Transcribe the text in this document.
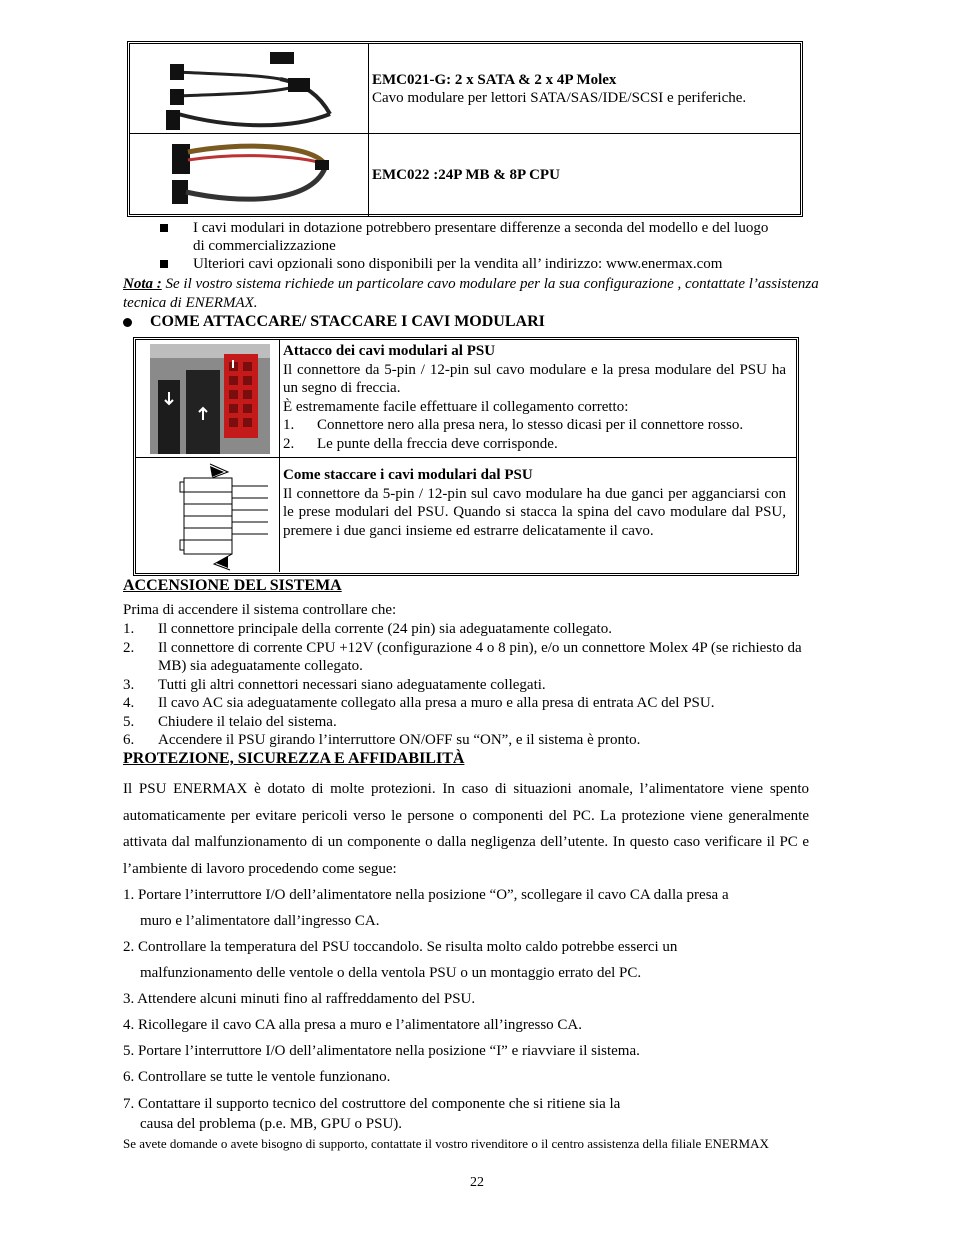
EMC021-G: 2 x SATA & 2 x 4P Molex
Cavo modulare per lettori SATA/SAS/IDE/SCSI e periferiche.
EMC022 :24P MB & 8P CPU
I cavi modulari in dotazione potrebbero presentare differenze a seconda del modello e del luogo di commercializzazione
Ulteriori cavi opzionali sono disponibili per la vendita all’ indirizzo: www.enermax.com
Nota : Se il vostro sistema richiede un particolare cavo modulare per la sua configurazione , contattate l’assistenza tecnica di ENERMAX.
COME ATTACCARE/ STACCARE I CAVI MODULARI
Attacco dei cavi modulari al PSU
Il connettore da 5-pin / 12-pin sul cavo modulare e la presa modulare del PSU ha un segno di freccia.
È estremamente facile effettuare il collegamento corretto:
1. Connettore nero alla presa nera, lo stesso dicasi per il connettore rosso.
2. Le punte della freccia deve corrisponde.
Come staccare i cavi modulari dal PSU
Il connettore da 5-pin / 12-pin sul cavo modulare ha due ganci per agganciarsi con le prese modulari del PSU. Quando si stacca la spina del cavo modulare dal PSU, premere i due ganci insieme ed estrarre delicatamente il cavo.
ACCENSIONE DEL SISTEMA
Prima di accendere il sistema controllare che:
1. Il connettore principale della corrente (24 pin) sia adeguatamente collegato.
2. Il connettore di corrente CPU +12V (configurazione 4 o 8 pin), e/o un connettore Molex 4P (se richiesto da MB) sia adeguatamente collegato.
3. Tutti gli altri connettori necessari siano adeguatamente collegati.
4. Il cavo AC sia adeguatamente collegato alla presa a muro e alla presa di entrata AC del PSU.
5. Chiudere il telaio del sistema.
6. Accendere il PSU girando l’interruttore ON/OFF su “ON”, e il sistema è pronto.
PROTEZIONE, SICUREZZA E AFFIDABILITÀ
Il PSU ENERMAX è dotato di molte protezioni. In caso di situazioni anomale, l’alimentatore viene spento automaticamente per evitare pericoli verso le persone o componenti del PC. La protezione viene generalmente attivata dal malfunzionamento di un componente o dalla negligenza dell’utente. In questo caso verificare il PC e l’ambiente di lavoro procedendo come segue:
1. Portare l’interruttore I/O dell’alimentatore nella posizione “O”, scollegare il cavo CA dalla presa a
muro e l’alimentatore dall’ingresso CA.
2. Controllare la temperatura del PSU toccandolo. Se risulta molto caldo potrebbe esserci un
malfunzionamento delle ventole o della ventola PSU o un montaggio errato del PC.
3. Attendere alcuni minuti fino al raffreddamento del PSU.
4. Ricollegare il cavo CA alla presa a muro e l’alimentatore all’ingresso CA.
5. Portare l’interruttore I/O dell’alimentatore nella posizione “I” e riavviare il sistema.
6. Controllare se tutte le ventole funzionano.
7. Contattare il supporto tecnico del costruttore del componente che si ritiene sia la
causa del problema (p.e. MB, GPU o PSU).
Se avete domande o avete bisogno di supporto, contattate il vostro rivenditore o il centro assistenza della filiale ENERMAX
22
